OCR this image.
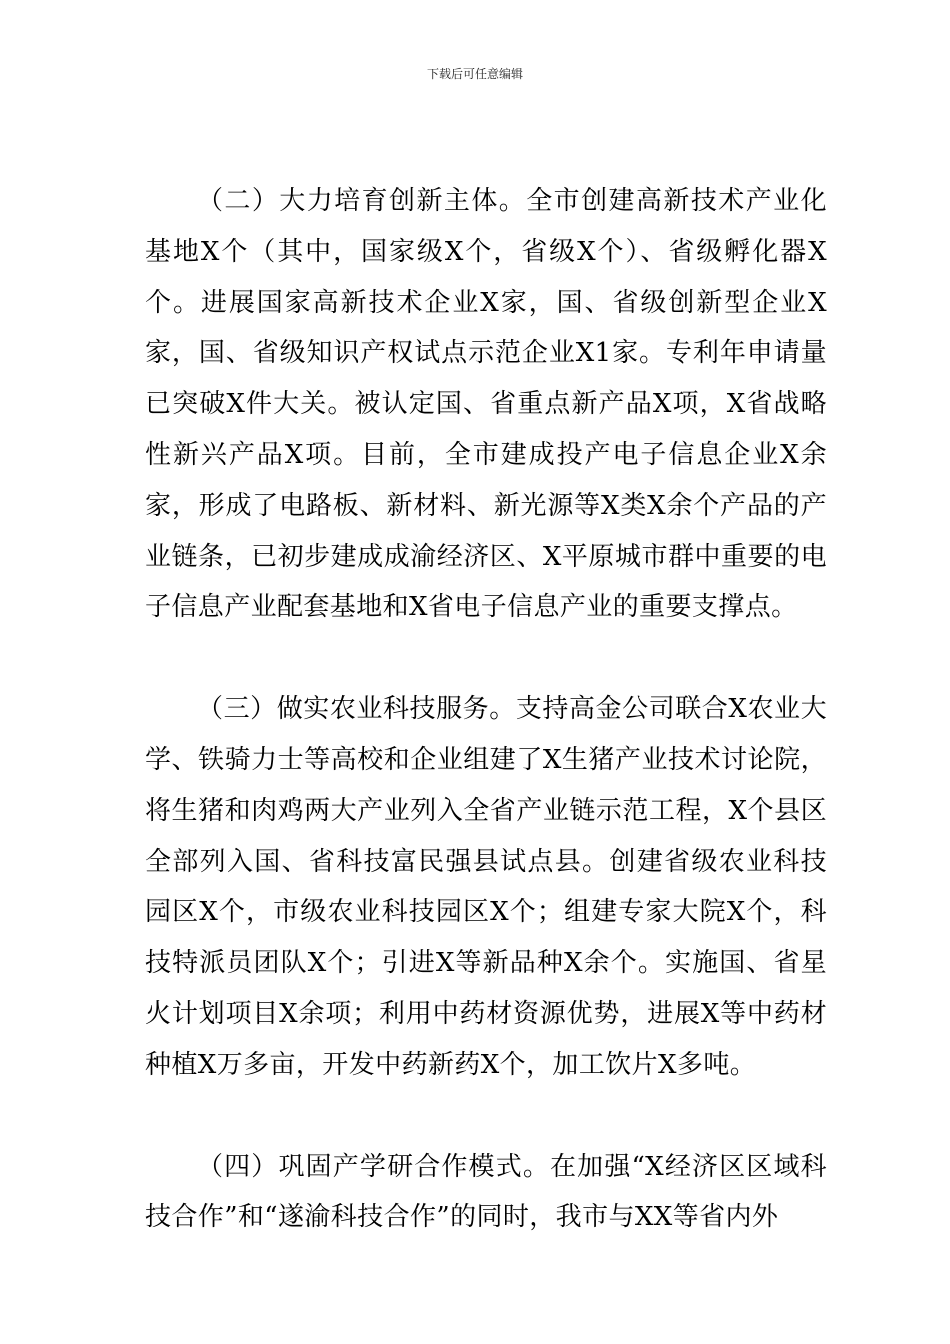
下载后可任意编辑

（二）大力培育创新主体。全市创建高新技术产业化基地X个（其中，国家级X个，省级X个）、省级孵化器X个。进展国家高新技术企业X家，国、省级创新型企业X家，国、省级知识产权试点示范企业X1家。专利年申请量已突破X件大关。被认定国、省重点新产品X项，X省战略性新兴产品X项。目前，全市建成投产电子信息企业X余家，形成了电路板、新材料、新光源等X类X余个产品的产业链条，已初步建成成渝经济区、X平原城市群中重要的电子信息产业配套基地和X省电子信息产业的重要支撑点。

（三）做实农业科技服务。支持高金公司联合X农业大学、铁骑力士等高校和企业组建了X生猪产业技术讨论院，将生猪和肉鸡两大产业列入全省产业链示范工程，X个县区全部列入国、省科技富民强县试点县。创建省级农业科技园区X个，市级农业科技园区X个；组建专家大院X个，科技特派员团队X个；引进X等新品种X余个。实施国、省星火计划项目X余项；利用中药材资源优势，进展X等中药材种植X万多亩，开发中药新药X个，加工饮片X多吨。

（四）巩固产学研合作模式。在加强“X经济区区域科技合作”和“遂渝科技合作”的同时，我市与XX等省内外
